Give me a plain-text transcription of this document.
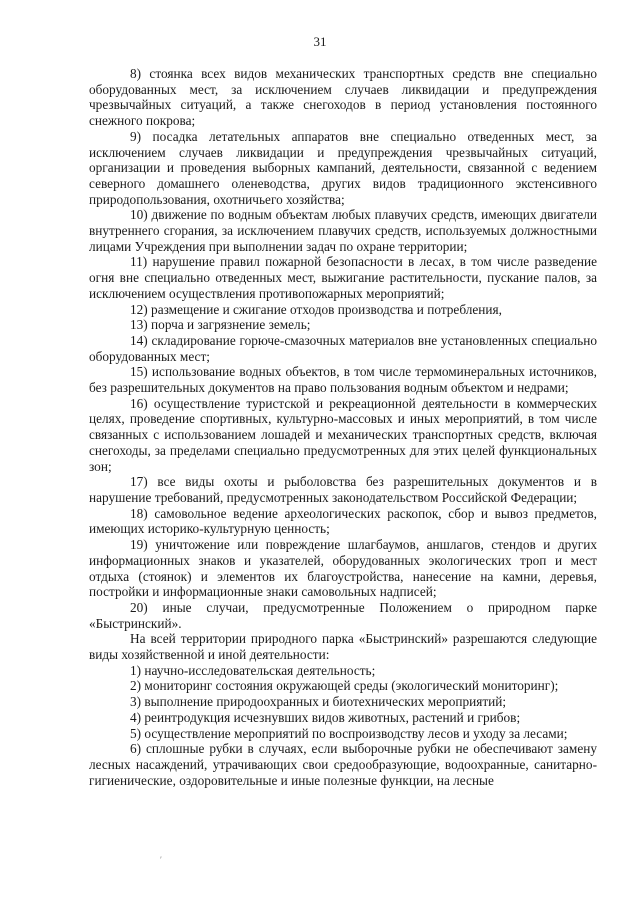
31

8) стоянка всех видов механических транспортных средств вне специально оборудованных мест, за исключением случаев ликвидации и предупреждения чрезвычайных ситуаций, а также снегоходов в период установления постоянного снежного покрова;

9) посадка летательных аппаратов вне специально отведенных мест, за исключением случаев ликвидации и предупреждения чрезвычайных ситуаций, организации и проведения выборных кампаний, деятельности, связанной с ведением северного домашнего оленеводства, других видов традиционного экстенсивного природопользования, охотничьего хозяйства;

10) движение по водным объектам любых плавучих средств, имеющих двигатели внутреннего сгорания, за исключением плавучих средств, используемых должностными лицами Учреждения при выполнении задач по охране территории;

11) нарушение правил пожарной безопасности в лесах, в том числе разведение огня вне специально отведенных мест, выжигание растительности, пускание палов, за исключением осуществления противопожарных мероприятий;

12) размещение и сжигание отходов производства и потребления,

13) порча и загрязнение земель;

14) складирование горюче-смазочных материалов вне установленных специально оборудованных мест;

15) использование водных объектов, в том числе термоминеральных источников, без разрешительных документов на право пользования водным объектом и недрами;

16) осуществление туристской и рекреационной деятельности в коммерческих целях, проведение спортивных, культурно-массовых и иных мероприятий, в том числе связанных с использованием лошадей и механических транспортных средств, включая снегоходы, за пределами специально предусмотренных для этих целей функциональных зон;

17) все виды охоты и рыболовства без разрешительных документов и в нарушение требований, предусмотренных законодательством Российской Федерации;

18) самовольное ведение археологических раскопок, сбор и вывоз предметов, имеющих историко-культурную ценность;

19) уничтожение или повреждение шлагбаумов, аншлагов, стендов и других информационных знаков и указателей, оборудованных экологических троп и мест отдыха (стоянок) и элементов их благоустройства, нанесение на камни, деревья, постройки и информационные знаки самовольных надписей;

20) иные случаи, предусмотренные Положением о природном парке «Быстринский».

На всей территории природного парка «Быстринский» разрешаются следующие виды хозяйственной и иной деятельности:

1) научно-исследовательская деятельность;

2) мониторинг состояния окружающей среды (экологический мониторинг);

3) выполнение природоохранных и биотехнических мероприятий;

4) реинтродукция исчезнувших видов животных, растений и грибов;

5) осуществление мероприятий по воспроизводству лесов и уходу за лесами;

6) сплошные рубки в случаях, если выборочные рубки не обеспечивают замену лесных насаждений, утрачивающих свои средообразующие, водоохранные, санитарно-гигиенические, оздоровительные и иные полезные функции, на лесные

′
